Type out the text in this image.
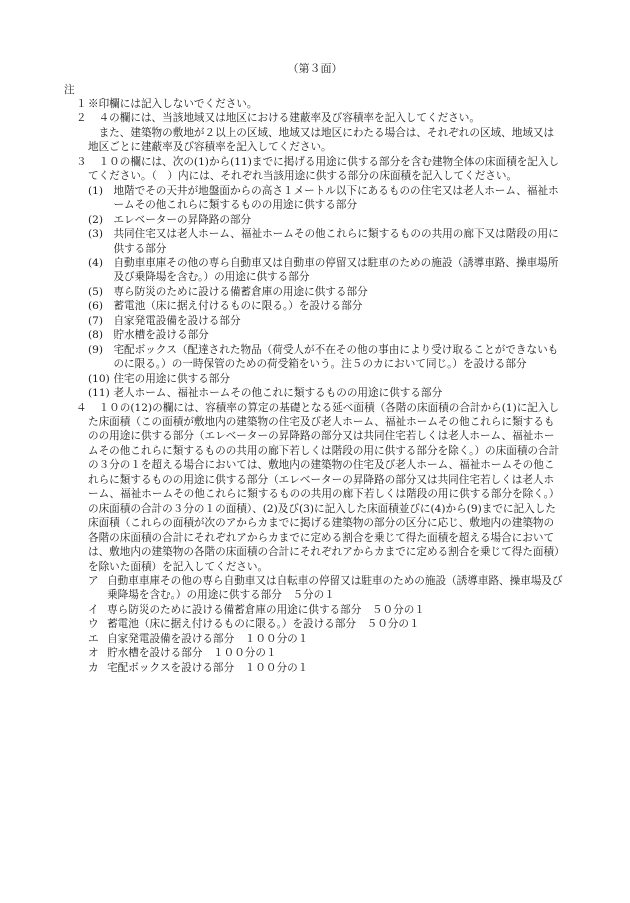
（第３面）
注
１ ※印欄には記入しないでください。

２	４の欄には、当該地域又は地区における建蔽率及び容積率を記入してください。

また、建築物の敷地が２以上の区域、地域又は地区にわたる場合は、それぞれの区域、地域又は地区ごとに建蔽率及び容積率を記入してください。

３	１０の欄には、次の(1)から(11)までに掲げる用途に供する部分を含む建物全体の床面積を記入してください。（　）内には、それぞれ当該用途に供する部分の床面積を記入してください。

(1) 地階でその天井が地盤面からの高さ１メートル以下にあるものの住宅又は老人ホーム、福祉ホームその他これらに類するものの用途に供する部分

(2) エレベーターの昇降路の部分

(3) 共同住宅又は老人ホーム、福祉ホームその他これらに類するものの共用の廊下又は階段の用に供する部分

(4) 自動車車庫その他の専ら自動車又は自動車の停留又は駐車のための施設（誘導車路、操車場所及び乗降場を含む。）の用途に供する部分

(5) 専ら防災のために設ける備蓄倉庫の用途に供する部分

(6) 蓄電池（床に据え付けるものに限る。）を設ける部分

(7) 自家発電設備を設ける部分

(8) 貯水槽を設ける部分

(9) 宅配ボックス（配達された物品（荷受人が不在その他の事由により受け取ることができないものに限る。）の一時保管のための荷受箱をいう。注５のカにおいて同じ。）を設ける部分

(10) 住宅の用途に供する部分

(11) 老人ホーム、福祉ホームその他これに類するものの用途に供する部分

４	１０の(12)の欄には、容積率の算定の基礎となる延べ面積（各階の床面積の合計から(1)に記入した床面積（この面積が敷地内の建築物の住宅及び老人ホーム、福祉ホームその他これらに類するものの用途に供する部分（エレベーターの昇降路の部分又は共同住宅若しくは老人ホーム、福祉ホームその他これらに類するものの共用の廊下若しくは階段の用に供する部分を除く。）の床面積の合計の３分の１を超える場合においては、敷地内の建築物の住宅及び老人ホーム、福祉ホームその他これらに類するものの用途に供する部分（エレベーターの昇降路の部分又は共同住宅若しくは老人ホーム、福祉ホームその他これらに類するものの共用の廊下若しくは階段の用に供する部分を除く。）の床面積の合計の３分の１の面積）、(2)及び(3)に記入した床面積並びに(4)から(9)までに記入した床面積（これらの面積が次のアからカまでに掲げる建築物の部分の区分に応じ、敷地内の建築物の各階の床面積の合計にそれぞれアからカまでに定める割合を乗じて得た面積を超える場合においては、敷地内の建築物の各階の床面積の合計にそれぞれアからカまでに定める割合を乗じて得た面積）を除いた面積）を記入してください。

ア 自動車車庫その他の専ら自動車又は自転車の停留又は駐車のための施設（誘導車路、操車場及び乗降場を含む。）の用途に供する部分　 ５分の１

イ 専ら防災のために設ける備蓄倉庫の用途に供する部分　 ５０分の１

ウ 蓄電池（床に据え付けるものに限る。）を設ける部分　 ５０分の１

エ 自家発電設備を設ける部分　 １００分の１

オ 貯水槽を設ける部分　 １００分の１

カ 宅配ボックスを設ける部分　 １００分の１
